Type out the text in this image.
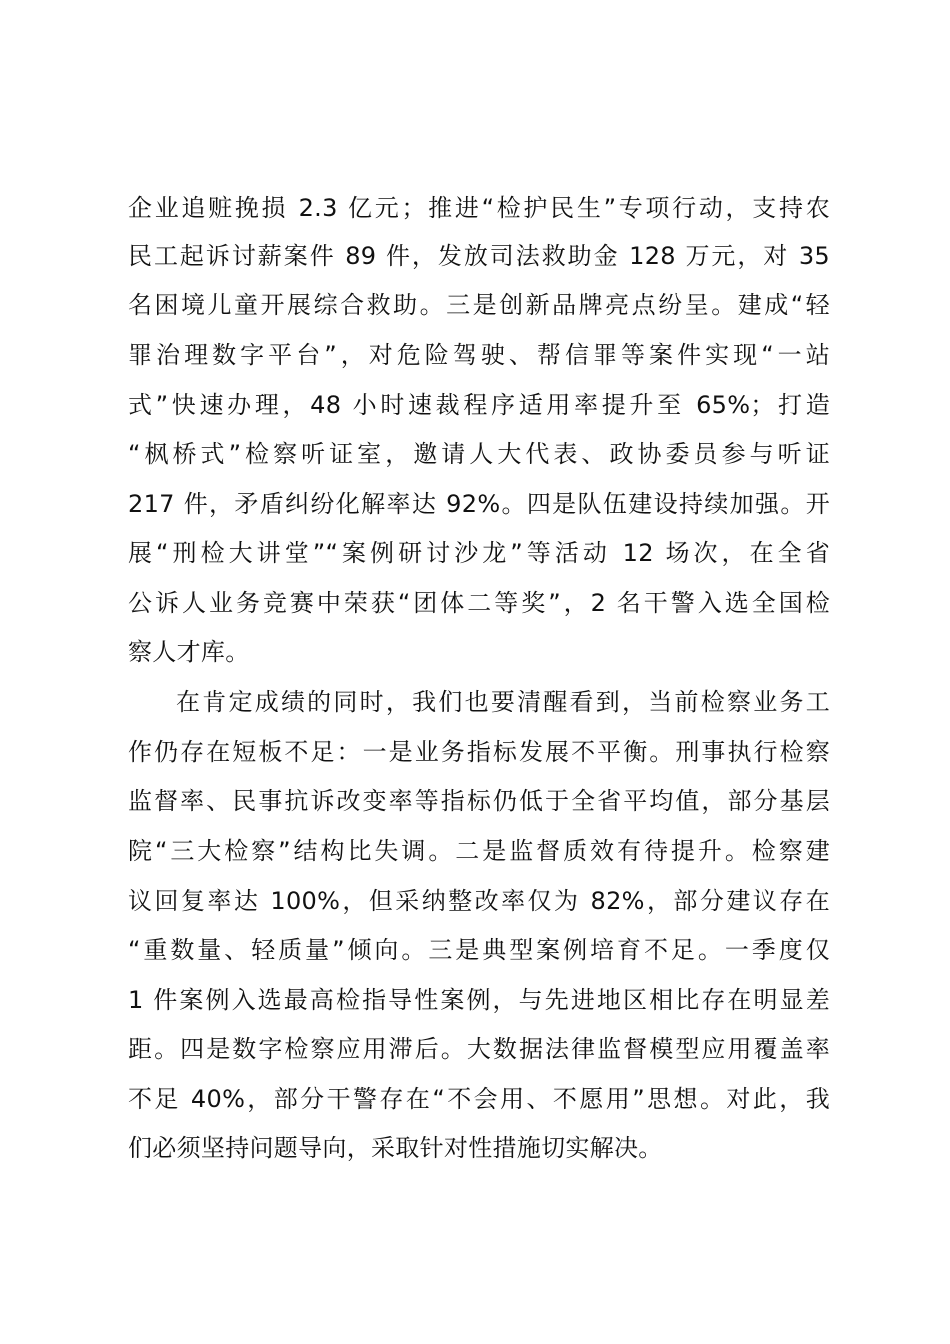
企业追赃挽损 2.3 亿元；推进“检护民生”专项行动，支持农
民工起诉讨薪案件 89 件，发放司法救助金 128 万元，对 35
名困境儿童开展综合救助。三是创新品牌亮点纷呈。建成“轻
罪治理数字平台”，对危险驾驶、帮信罪等案件实现“一站
式”快速办理，48 小时速裁程序适用率提升至 65%；打造
“枫桥式”检察听证室，邀请人大代表、政协委员参与听证
217 件，矛盾纠纷化解率达 92%。四是队伍建设持续加强。开
展“刑检大讲堂”“案例研讨沙龙”等活动 12 场次，在全省
公诉人业务竞赛中荣获“团体二等奖”，2 名干警入选全国检
察人才库。
在肯定成绩的同时，我们也要清醒看到，当前检察业务工
作仍存在短板不足：一是业务指标发展不平衡。刑事执行检察
监督率、民事抗诉改变率等指标仍低于全省平均值，部分基层
院“三大检察”结构比失调。二是监督质效有待提升。检察建
议回复率达 100%，但采纳整改率仅为 82%，部分建议存在
“重数量、轻质量”倾向。三是典型案例培育不足。一季度仅
1 件案例入选最高检指导性案例，与先进地区相比存在明显差
距。四是数字检察应用滞后。大数据法律监督模型应用覆盖率
不足 40%，部分干警存在“不会用、不愿用”思想。对此，我
们必须坚持问题导向，采取针对性措施切实解决。
